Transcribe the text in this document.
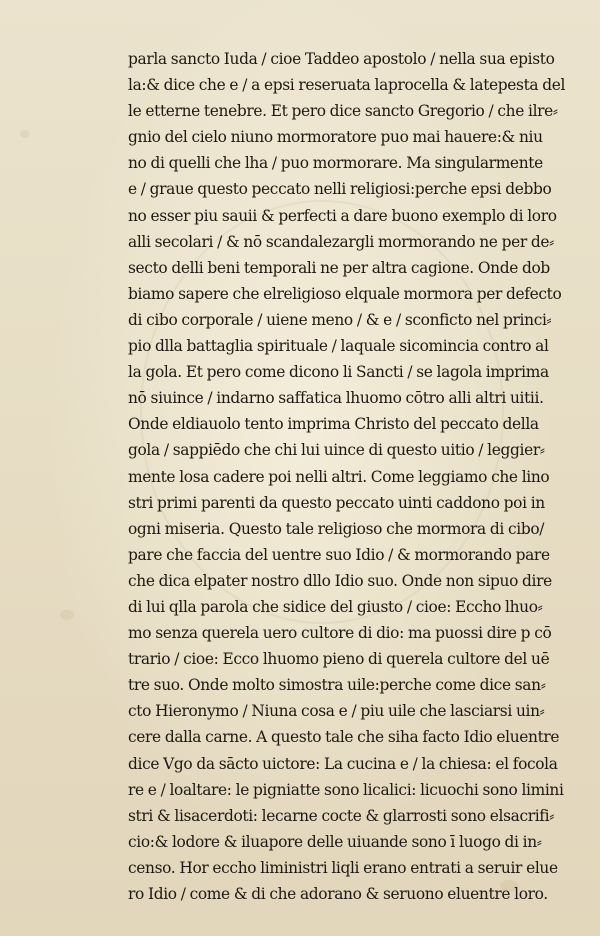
parla sancto Iuda / cioe Taddeo apostolo / nella sua episto
la:& dice che e / a epsi reseruata laprocella & latepesta del
le etterne tenebre. Et pero dice sancto Gregorio / che ilre⸗
gnio del cielo niuno mormoratore puo mai hauere:& niu
no di quelli che lha / puo mormorare. Ma singularmente
e / graue questo peccato nelli religiosi:perche epsi debbo
no esser piu sauii & perfecti a dare buono exemplo di loro
alli secolari / & nō scandalezargli mormorando ne per de⸗
secto delli beni temporali ne per altra cagione. Onde dob
biamo sapere che elreligioso elquale mormora per defecto
di cibo corporale / uiene meno / & e / sconficto nel princi⸗
pio dlla battaglia spirituale / laquale sicomincia contro al
la gola. Et pero come dicono li Sancti / se lagola imprima
nō siuince / indarno saffatica lhuomo cōtro alli altri uitii.
Onde eldiauolo tento imprima Christo del peccato della
gola / sappiēdo che chi lui uince di questo uitio / leggier⸗
mente losa cadere poi nelli altri. Come leggiamo che lino
stri primi parenti da questo peccato uinti caddono poi in
ogni miseria. Questo tale religioso che mormora di cibo/
pare che faccia del uentre suo Idio / & mormorando pare
che dica elpater nostro dllo Idio suo. Onde non sipuo dire
di lui qlla parola che sidice del giusto / cioe: Eccho lhuo⸗
mo senza querela uero cultore di dio: ma puossi dire p cō
trario / cioe: Ecco lhuomo pieno di querela cultore del uē
tre suo. Onde molto simostra uile:perche come dice san⸗
cto Hieronymo / Niuna cosa e / piu uile che lasciarsi uin⸗
cere dalla carne. A questo tale che siha facto Idio eluentre
dice Vgo da sācto uictore: La cucina e / la chiesa: el focola
re e / loaltare: le pigniatte sono licalici: licuochi sono limini
stri & lisacerdoti: lecarne cocte & glarrosti sono elsacrifi⸗
cio:& lodore & iluapore delle uiuande sono ī luogo di in⸗
censo. Hor eccho liministri liqli erano entrati a seruir elue
ro Idio / come & di che adorano & seruono eluentre loro.
